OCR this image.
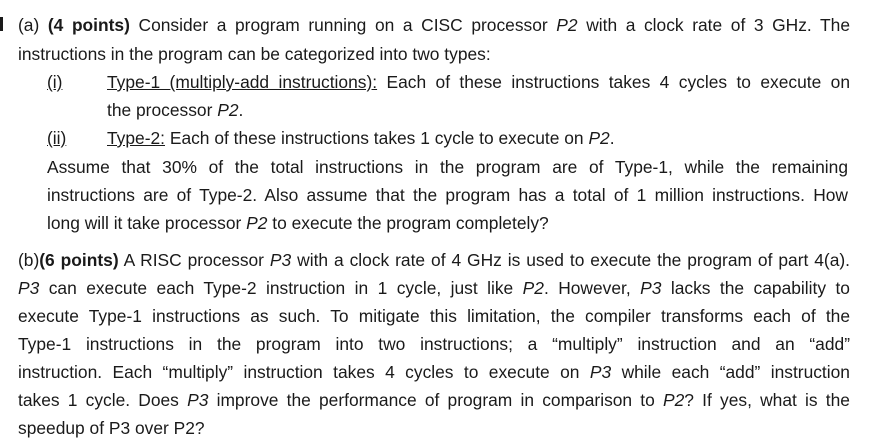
(a) (4 points) Consider a program running on a CISC processor P2 with a clock rate of 3 GHz. The
instructions in the program can be categorized into two types:
(i)	Type-1 (multiply-add instructions): Each of these instructions takes 4 cycles to execute on
the processor P2.
(ii) Type-2: Each of these instructions takes 1 cycle to execute on P2.
Assume that 30% of the total instructions in the program are of Type-1, while the remaining
instructions are of Type-2. Also assume that the program has a total of 1 million instructions. How
long will it take processor P2 to execute the program completely?
(b)(6 points) A RISC processor P3 with a clock rate of 4 GHz is used to execute the program of part 4(a).
P3 can execute each Type-2 instruction in 1 cycle, just like P2. However, P3 lacks the capability to
execute Type-1 instructions as such. To mitigate this limitation, the compiler transforms each of the
Type-1 instructions in the program into two instructions; a “multiply” instruction and an “add”
instruction. Each “multiply” instruction takes 4 cycles to execute on P3 while each “add” instruction
takes 1 cycle. Does P3 improve the performance of program in comparison to P2? If yes, what is the
speedup of P3 over P2?
